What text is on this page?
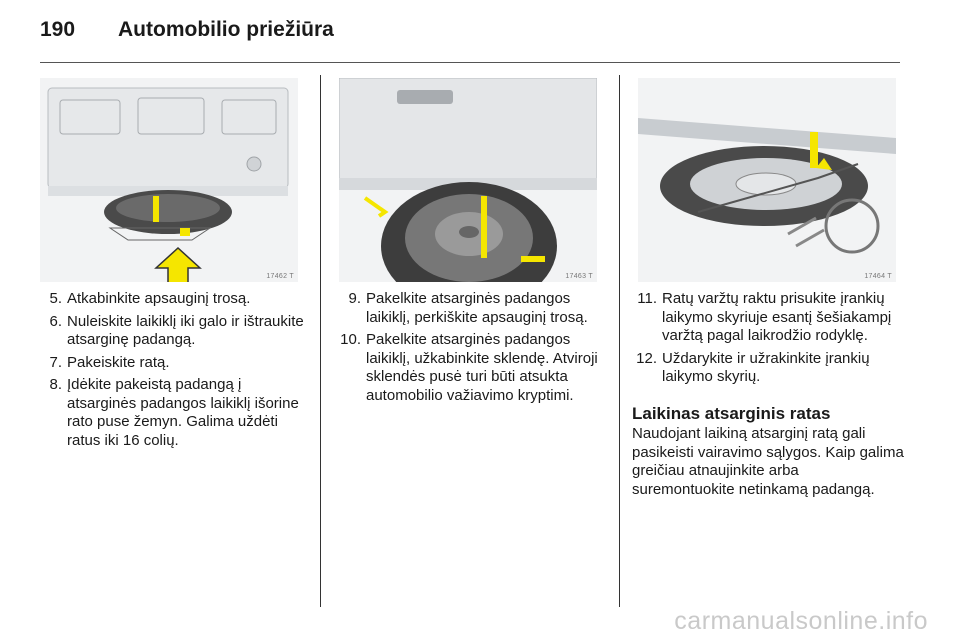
190	Automobilio priežiūra
17462 T	17463 T	17464 T
5. Atkabinkite apsauginį trosą.
6. Nuleiskite laikiklį iki galo ir ištraukite atsarginę padangą.
7. Pakeiskite ratą.
8. Įdėkite pakeistą padangą į atsarginės padangos laikiklį išorine rato puse žemyn. Galima uždėti ratus iki 16 colių.
9. Pakelkite atsarginės padangos laikiklį, perkiškite apsauginį trosą.
10. Pakelkite atsarginės padangos laikiklį, užkabinkite sklendę. Atviroji sklendės pusė turi būti atsukta automobilio važiavimo kryptimi.
11. Ratų varžtų raktu prisukite įrankių laikymo skyriuje esantį šešiakampį varžtą pagal laikrodžio rodyklę.
12. Uždarykite ir užrakinkite įrankių laikymo skyrių.
Laikinas atsarginis ratas
Naudojant laikiną atsarginį ratą gali pasikeisti vairavimo sąlygos. Kaip galima greičiau atnaujinkite arba suremontuokite netinkamą padangą.
carmanualsonline.info
